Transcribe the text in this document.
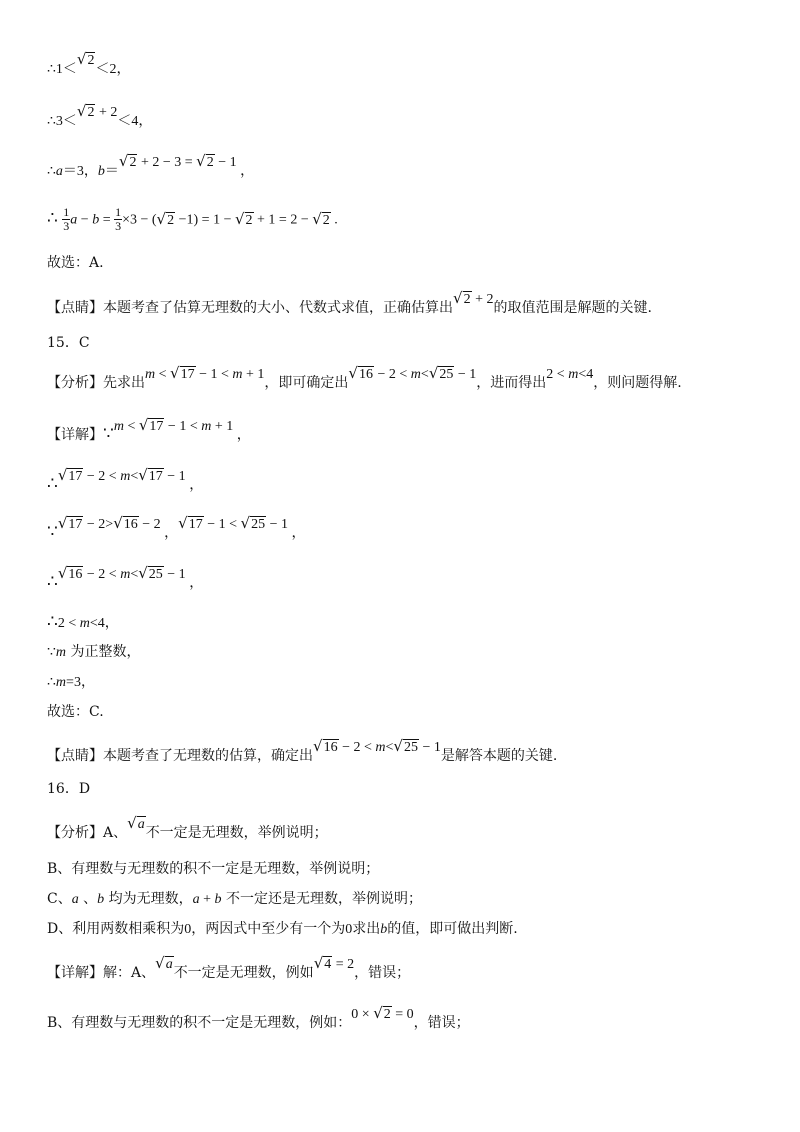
∴1＜√2＜2，
∴3＜√2 + 2＜4，
∴a＝3，b＝√2 + 2 − 3 = √2 − 1 ，
∴ $\frac{1}{3}$ $a - b = \frac{1}{3} \times 3 - (√2 -1) = 1 - √2 + 1 = 2 - √2$ .
故选：A.
【点睛】本题考查了估算无理数的大小、代数式求值，正确估算出√2 + 2的取值范围是解题的关键.
15．C
【分析】先求出m < √17 − 1 < m + 1，即可确定出√16 − 2 < m<√25 − 1，进而得出2 < m<4，则问题得解.
【详解】∵m < √17 − 1 < m + 1 ，
∴√17 − 2 < m<√17 − 1 ，
∵√17 − 2>√16 − 2 ，√17 − 1 < √25 − 1 ，
∴√16 − 2 < m<√25 − 1 ，
∴2 < m<4，
∵m 为正整数，
∴m=3，
故选：C.
【点睛】本题考查了无理数的估算，确定出√16 − 2 < m<√25 − 1是解答本题的关键.
16．D
【分析】A、√a不一定是无理数，举例说明；
B、有理数与无理数的积不一定是无理数，举例说明；
C、a 、b 均为无理数，a + b 不一定还是无理数，举例说明；
D、利用两数相乘积为0，两因式中至少有一个为0求出b的值，即可做出判断.
【详解】解：A、√a不一定是无理数，例如√4 = 2，错误；
B、有理数与无理数的积不一定是无理数，例如：0 × √2 = 0，错误；
